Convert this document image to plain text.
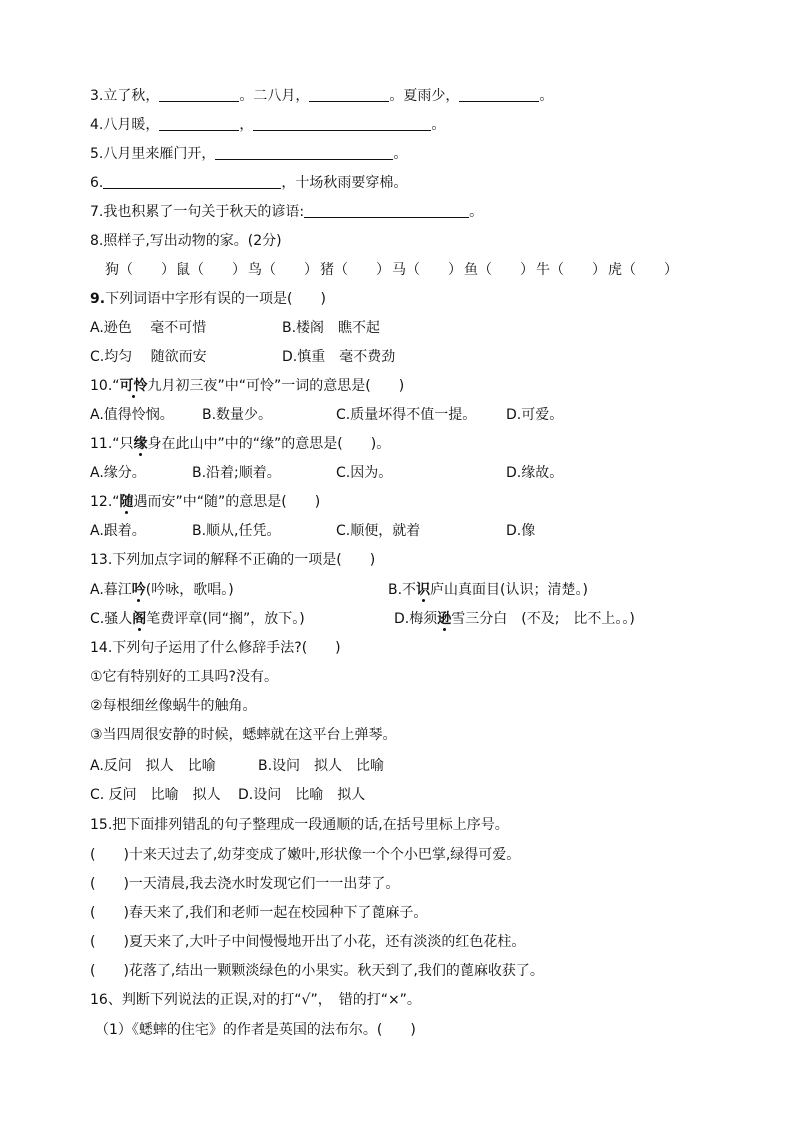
3.立了秋，	。二八月，	。夏雨少，	。
4.八月暖，	，	。
5.八月里来雁门开，	。
6.	，十场秋雨要穿棉。
7.我也积累了一句关于秋天的谚语:	。
8.照样子,写出动物的家。(2分)
狗（　　）鼠（　　） 鸟（　　） 猪（　　） 马（　　） 鱼（　　） 牛（　　） 虎（　　）
9.下列词语中字形有误的一项是(　　)
A.逊色　 毫不可惜	B.楼阁　瞧不起
C.均匀　 随欲而安	D.慎重　毫不费劲
10.“可怜九月初三夜”中“可怜”一词的意思是(　　)
A.值得怜悯。 B.数量少。	C.质量坏得不值一提。 D.可爱。
11.“只缘身在此山中”中的“缘”的意思是(　　)。
A.缘分。	B.沿着;顺着。	C.因为。	D.缘故。
12.“随遇而安”中“随”的意思是(　　)
A.跟着。	B.顺从,任凭。	C.顺便，就着	D.像
13.下列加点字词的解释不正确的一项是(　　)
A.暮江吟(吟咏，歌唱。)	B.不识庐山真面目(认识；清楚。)
C.骚人阁笔费评章(同“搁”，放下。)	D.梅须逊雪三分白　(不及;　比不上。。)
14.下列句子运用了什么修辞手法?(　　)
①它有特别好的工具吗?没有。
②每根细丝像蜗牛的触角。
③当四周很安静的时候，蟋蟀就在这平台上弹琴。
A.反问　拟人　比喻	B.设问　拟人　比喻
C. 反问　比喻　拟人 D.设问　比喻　拟人
15.把下面排列错乱的句子整理成一段通顺的话,在括号里标上序号。
(　　)十来天过去了,幼芽变成了嫩叶,形状像一个个小巴掌,绿得可爱。
(　　)一天清晨,我去浇水时发现它们一一出芽了。
(　　)春天来了,我们和老师一起在校园种下了蓖麻子。
(　　)夏天来了,大叶子中间慢慢地开出了小花，还有淡淡的红色花柱。
(　　)花落了,结出一颗颗淡绿色的小果实。秋天到了,我们的蓖麻收获了。
16、判断下列说法的正误,对的打“√”，　错的打“×”。
（1）《蟋蟀的住宅》的作者是英国的法布尔。(　　)
